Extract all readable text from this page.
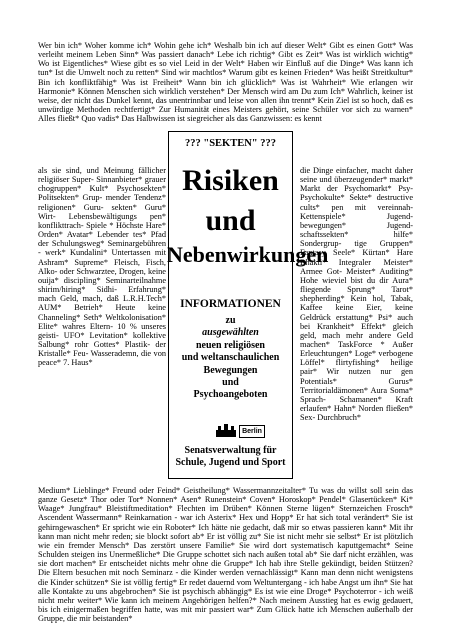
Wer bin ich* Woher komme ich* Wohin gehe ich* Weshalb bin ich auf dieser Welt* Gibt es einen Gott* Was verleiht meinem Leben Sinn* Was passiert danach* Lebe ich richtig* Gibt es Zeit* Was ist wirklich wichtig* Wo ist Eigentliches* Wiese gibt es so viel Leid in der Welt* Haben wir Einfluß auf die Dinge* Was kann ich tun* Ist die Umwelt noch zu retten* Sind wir machtlos* Warum gibt es keinen Frieden* Was heißt Streitkultur* Bin ich konfliktfähig* Was ist Freiheit* Wann bin ich glücklich* Was ist Wahrheit* Wie erlangen wir Harmonie* Können Menschen sich wirklich verstehen* Der Mensch wird am Du zum Ich* Wahrlich, keiner ist weise, der nicht das Dunkel kennt, das unentrinnbar und leise von allen ihn trennt* Kein Ziel ist so hoch, daß es unwürdige Methoden rechtfertigt* Zur Humanität eines Meisters gehört, seine Schüler vor sich zu warnen* Alles fließt* Quo vadis* Das Halbwissen ist siegreicher als das Ganzwissen: es kennt
als sie sind, und Meinung fällicher religiöser Super- Sinnanbieter* grauer chogruppen* Kult* Psychosekten* Politsekten* Grup- mender Tendenz* religionen* Guru- sekten* Guru* Wirt- Lebensbewältigungs pen* konflikttrach- Spiele * Höchste Hare* Orden* Avatar* Lebender tes* Pfad der Schulungsweg* Seminargebühren - werk* Kundalini* Untertassen mit Ashram* Supreme* Fleisch, Fisch, Alko- oder Schwarztee, Drogen, keine ouija* discipling* Seminarteilnahme shirim/hiring* Sidhi- Erfahrung* mach Geld, mach, daß L.R.H.Tech* AUM* Betrieh* Heute keine Channeling* Seth* Weltkolonisation* Elite* wahres Eltern- 10 % unseres geisti- UFO* Levitation* kollektive Salbung* rohr Gottes* Plastik- der Kristalle* Feu- Wasserademn, die von peace* 7. Haus*
die Dinge einfacher, macht daher seine und überzeugender* markt* Markt der Psychomarkt* Psy- Psychokulte* Sekte* destructive cults* pen mit vereinnah- Kettenspiele* Jugend- bewegungen* Jugend- schaftssekten* hilfe* Sondergrup- tige Gruppen* Fantasy Seele* Kürtan* Hare Bhakti* Integraler Meister* Armee Got- Meister* Auditing* Hohe wieviel bist du dir Aura* fliegende Sprung* Tarot* shepherding* Kein hol, Tabak, Kaffee keine Eier, keine Geldrück erstattung* Psi* auch bei Krankheit* Effekt* gleich geld, mach mehr andere Geld machen* TaskForce * Außer Erleuchtungen* Loge* verbogene Löffel* flirtyfishing* heilige pair* Wir nutzen nur gen Potentials* Gurus* Territorialdämonen* Aura Soma* Sprach- Schamanen* Kraft erlaufen* Hahn* Norden fließen* Sex- Durchbruch*
??? "SEKTEN" ???
Risiken
und
Nebenwirkungen
INFORMATIONEN
zu
ausgewählten
neuen religiösen
und weltanschaulichen
Bewegungen
und
Psychoangeboten
Berlin
Senatsverwaltung für Schule, Jugend und Sport
Medium* Lieblinge* Freund oder Feind* Geistheilung* Wassermannzeitalter* Tu was du willst soll sein das ganze Gesetz* Thor oder Tor* Nonnen* Asen* Runenstein* Coven* Horoskop* Pendel* Glasertücken* Ki* Waage* Jungfrau* Bleistiftmeditation* Flechten im Drüben* Können Sterne lügen* Sternzeichen Frosch* Ascendent Wassermann* Reinkarnation - war ich Asterix* Hex und Hopp* Er hat sich total verändert* Sie ist gehirngewaschen* Er spricht wie ein Roboter* Ich hätte nie gedacht, daß mir so etwas passieren kann* Mit ihr kann man nicht mehr reden; sie blockt sofort ab* Er ist völlig zu* Sie ist nicht mehr sie selbst* Er ist plötzlich wie ein fremder Mensch* Das zerstört unsere Familie* Sie wird dort systematisch kaputtgemacht* Seine Schulden steigen ins Unermeßliche* Die Gruppe schottet sich nach außen total ab* Sie darf nicht erzählen, was sie dort machen* Er entscheidet nichts mehr ohne die Gruppe* Ich hab ihre Stelle gekündigt, beiden Stützen? Die Eltern besuchen mit noch Seminarz - die Kinder werden vernachlässigt* Kann man denn nicht wenigstens die Kinder schützen* Sie ist völlig fertig* Er redet dauernd vom Weltuntergang - ich habe Angst um ihn* Sie hat alle Kontakte zu uns abgebrochen* Sie ist psychisch abhängig* Es ist wie eine Droge* Psychoterror - ich weiß nicht mehr weiter* Wie kann ich meinem Angehörigen helfen?* Nach meinem Ausstieg hat es ewig gedauert, bis ich einigermaßen begriffen hatte, was mit mir passiert war* Zum Glück hatte ich Menschen außerhalb der Gruppe, die mir beistanden*
